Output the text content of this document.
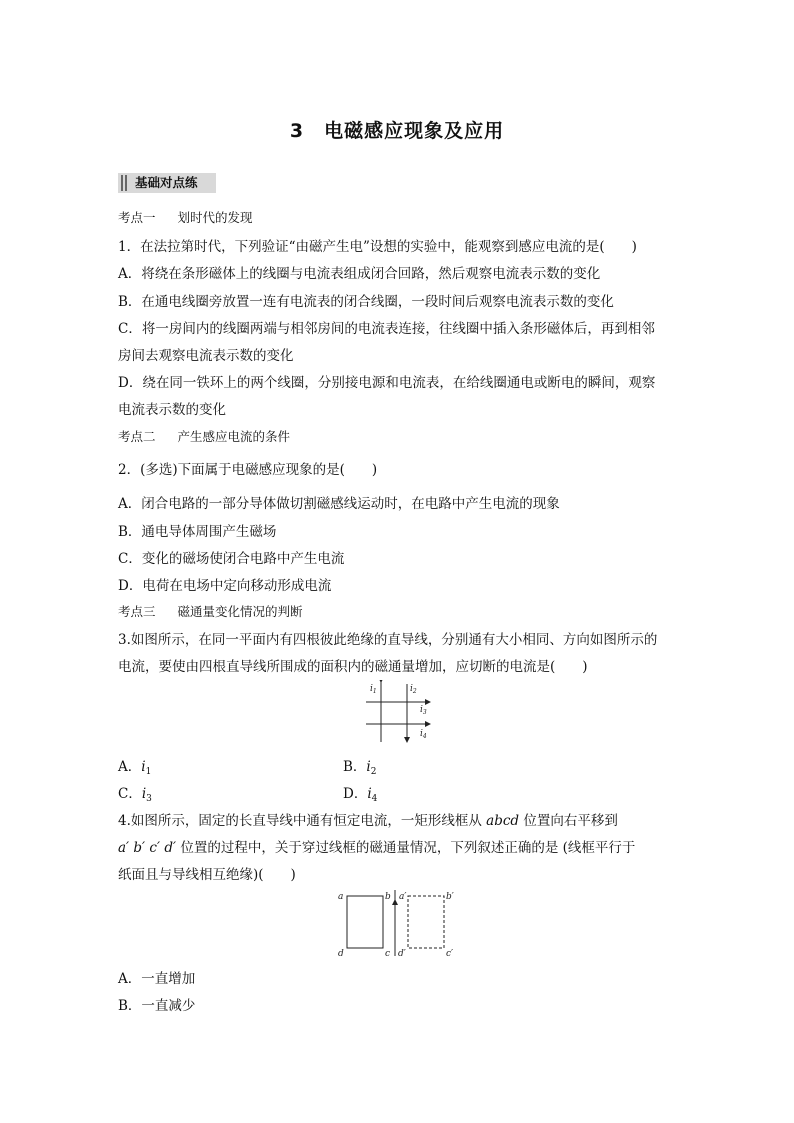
3 电磁感应现象及应用
基础对点练
考点一 划时代的发现
1．在法拉第时代，下列验证“由磁产生电”设想的实验中，能观察到感应电流的是(　　)
A．将绕在条形磁体上的线圈与电流表组成闭合回路，然后观察电流表示数的变化
B．在通电线圈旁放置一连有电流表的闭合线圈，一段时间后观察电流表示数的变化
C．将一房间内的线圈两端与相邻房间的电流表连接，往线圈中插入条形磁体后，再到相邻
房间去观察电流表示数的变化
D．绕在同一铁环上的两个线圈，分别接电源和电流表，在给线圈通电或断电的瞬间，观察
电流表示数的变化
考点二 产生感应电流的条件
2．(多选)下面属于电磁感应现象的是(　　)
A．闭合电路的一部分导体做切割磁感线运动时，在电路中产生电流的现象
B．通电导体周围产生磁场
C．变化的磁场使闭合电路中产生电流
D．电荷在电场中定向移动形成电流
考点三 磁通量变化情况的判断
3.如图所示，在同一平面内有四根彼此绝缘的直导线，分别通有大小相同、方向如图所示的
电流，要使由四根直导线所围成的面积内的磁通量增加，应切断的电流是(　　)
$i_1$	$i_2$
$i_3$
$i_4$
A．$i_1$	B．$i_2$
C．$i_3$	D．$i_4$
4.如图所示，固定的长直导线中通有恒定电流，一矩形线框从 abcd 位置向右平移到
a′ b′ c′ d′ 位置的过程中，关于穿过线框的磁通量情况，下列叙述正确的是 (线框平行于
纸面且与导线相互绝缘)(　　)
a	b
c
d
a′	b′
c′
d′
A．一直增加
B．一直减少
